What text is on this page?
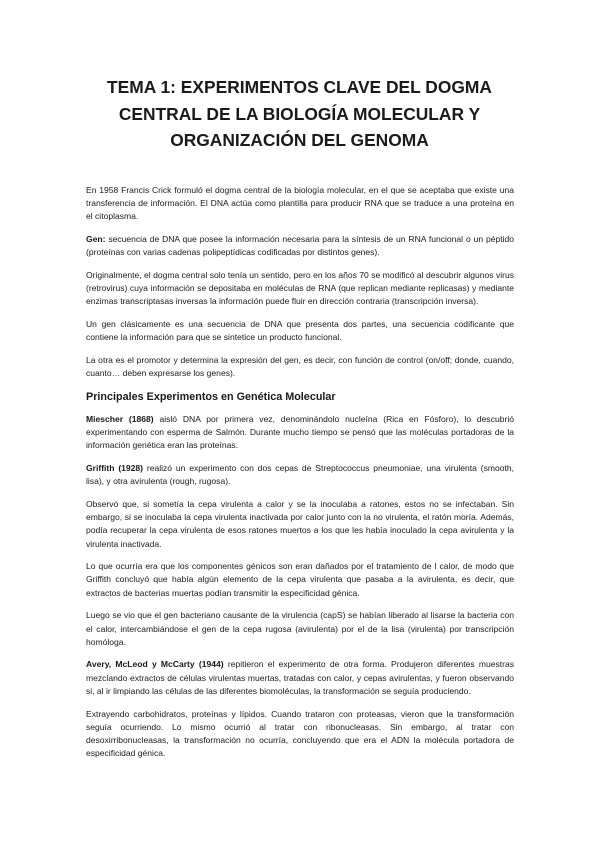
TEMA 1: EXPERIMENTOS CLAVE DEL DOGMA CENTRAL DE LA BIOLOGÍA MOLECULAR Y ORGANIZACIÓN DEL GENOMA

En 1958 Francis Crick formuló el dogma central de la biología molecular, en el que se aceptaba que existe una transferencia de información. El DNA actúa como plantilla para producir RNA que se traduce a una proteína en el citoplasma.

Gen: secuencia de DNA que posee la información necesaria para la síntesis de un RNA funcional o un péptido (proteínas con varias cadenas polipeptídicas codificadas por distintos genes).

Originalmente, el dogma central solo tenía un sentido, pero en los años 70 se modificó al descubrir algunos virus (retrovirus) cuya información se depositaba en moléculas de RNA (que replican mediante replicasas) y mediante enzimas transcriptasas inversas la información puede fluir en dirección contraria (transcripción inversa).

Un gen clásicamente es una secuencia de DNA que presenta dos partes, una secuencia codificante que contiene la información para que se sintetice un producto funcional.

La otra es el promotor y determina la expresión del gen, es decir, con función de control (on/off; donde, cuando, cuanto… deben expresarse los genes).

Principales Experimentos en Genética Molecular

Miescher (1868) aisló DNA por primera vez, denominándolo nucleína (Rica en Fósforo), lo descubrió experimentando con esperma de Salmón. Durante mucho tiempo se pensó que las moléculas portadoras de la información genética eran las proteínas.

Griffith (1928) realizó un experimento con dos cepas de Streptococcus pneumoniae, una virulenta (smooth, lisa), y otra avirulenta (rough, rugosa).

Observó que, si sometía la cepa virulenta a calor y se la inoculaba a ratones, estos no se infectaban. Sin embargo, si se inoculaba la cepa virulenta inactivada por calor junto con la no virulenta, el ratón moría. Además, podía recuperar la cepa virulenta de esos ratones muertos a los que les había inoculado la cepa avirulenta y la virulenta inactivada.

Lo que ocurría era que los componentes génicos son eran dañados por el tratamiento de l calor, de modo que Griffith concluyó que había algún elemento de la cepa virulenta que pasaba a la avirulenta, es decir, que extractos de bacterias muertas podían transmitir la especificidad génica.

Luego se vio que el gen bacteriano causante de la virulencia (capS) se habían liberado al lisarse la bacteria con el calor, intercambiándose el gen de la cepa rugosa (avirulenta) por el de la lisa (virulenta) por transcripción homóloga.

Avery, McLeod y McCarty (1944) repitieron el experimento de otra forma. Produjeron diferentes muestras mezclando extractos de células virulentas muertas, tratadas con calor, y cepas avirulentas, y fueron observando si, al ir limpiando las células de las diferentes biomoléculas, la transformación se seguía produciendo.

Extrayendo carbohidratos, proteínas y lípidos. Cuando trataron con proteasas, vieron que la transformación seguía ocurriendo. Lo mismo ocurrió al tratar con ribonucleasas. Sin embargo, al tratar con desoxirribonucleasas, la transformación no ocurría, concluyendo que era el ADN la molécula portadora de especificidad génica.
